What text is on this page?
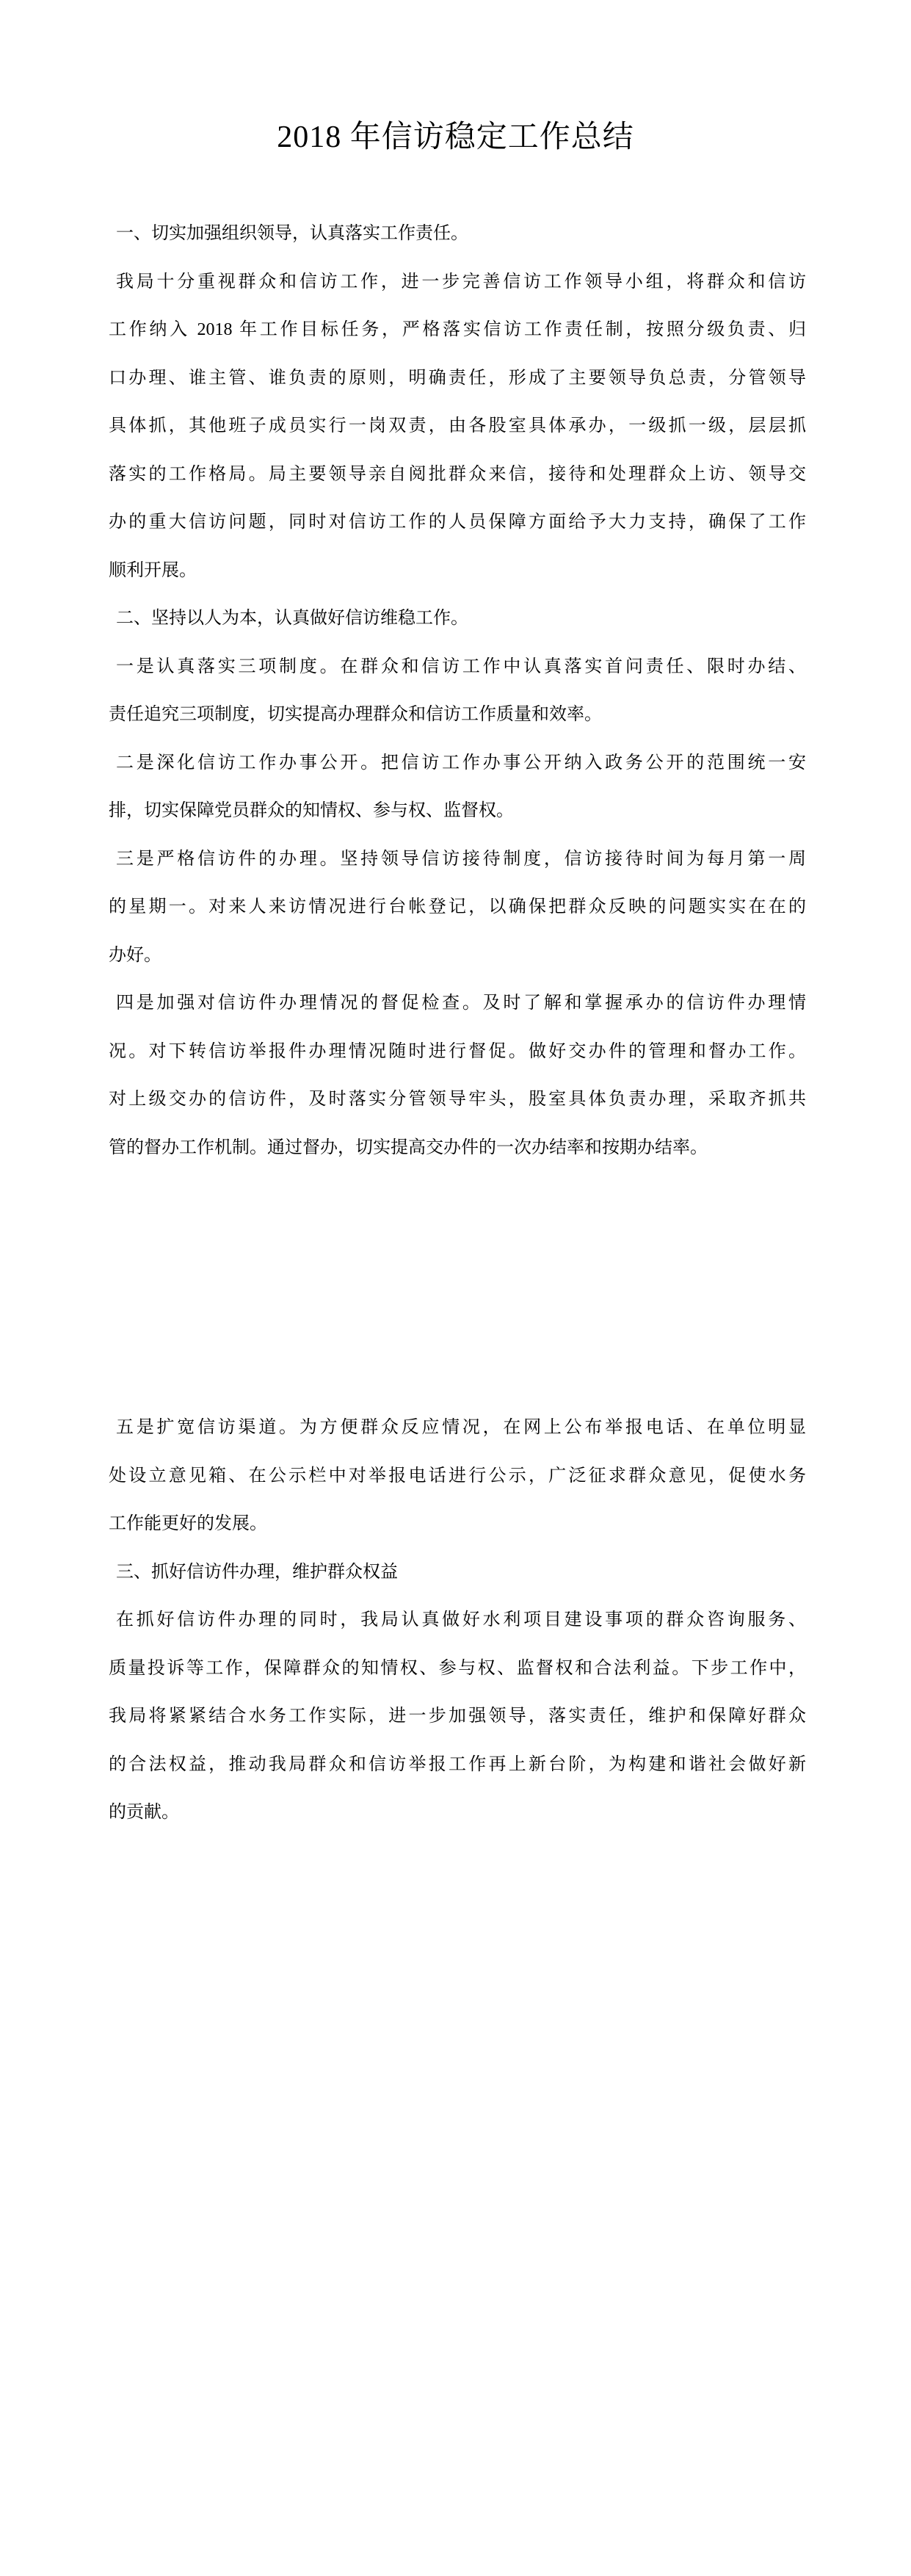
2018 年信访稳定工作总结
一、切实加强组织领导，认真落实工作责任。
我局十分重视群众和信访工作，进一步完善信访工作领导小组，将群众和信访
工作纳入 2018 年工作目标任务，严格落实信访工作责任制，按照分级负责、归
口办理、谁主管、谁负责的原则，明确责任，形成了主要领导负总责，分管领导
具体抓，其他班子成员实行一岗双责，由各股室具体承办，一级抓一级，层层抓
落实的工作格局。局主要领导亲自阅批群众来信，接待和处理群众上访、领导交
办的重大信访问题，同时对信访工作的人员保障方面给予大力支持，确保了工作
顺利开展。
二、坚持以人为本，认真做好信访维稳工作。
一是认真落实三项制度。在群众和信访工作中认真落实首问责任、限时办结、
责任追究三项制度，切实提高办理群众和信访工作质量和效率。
二是深化信访工作办事公开。把信访工作办事公开纳入政务公开的范围统一安
排，切实保障党员群众的知情权、参与权、监督权。
三是严格信访件的办理。坚持领导信访接待制度，信访接待时间为每月第一周
的星期一。对来人来访情况进行台帐登记，以确保把群众反映的问题实实在在的
办好。
四是加强对信访件办理情况的督促检查。及时了解和掌握承办的信访件办理情
况。对下转信访举报件办理情况随时进行督促。做好交办件的管理和督办工作。
对上级交办的信访件，及时落实分管领导牢头，股室具体负责办理，采取齐抓共
管的督办工作机制。通过督办，切实提高交办件的一次办结率和按期办结率。
五是扩宽信访渠道。为方便群众反应情况，在网上公布举报电话、在单位明显
处设立意见箱、在公示栏中对举报电话进行公示，广泛征求群众意见，促使水务
工作能更好的发展。
三、抓好信访件办理，维护群众权益
在抓好信访件办理的同时，我局认真做好水利项目建设事项的群众咨询服务、
质量投诉等工作，保障群众的知情权、参与权、监督权和合法利益。下步工作中，
我局将紧紧结合水务工作实际，进一步加强领导，落实责任，维护和保障好群众
的合法权益，推动我局群众和信访举报工作再上新台阶，为构建和谐社会做好新
的贡献。
